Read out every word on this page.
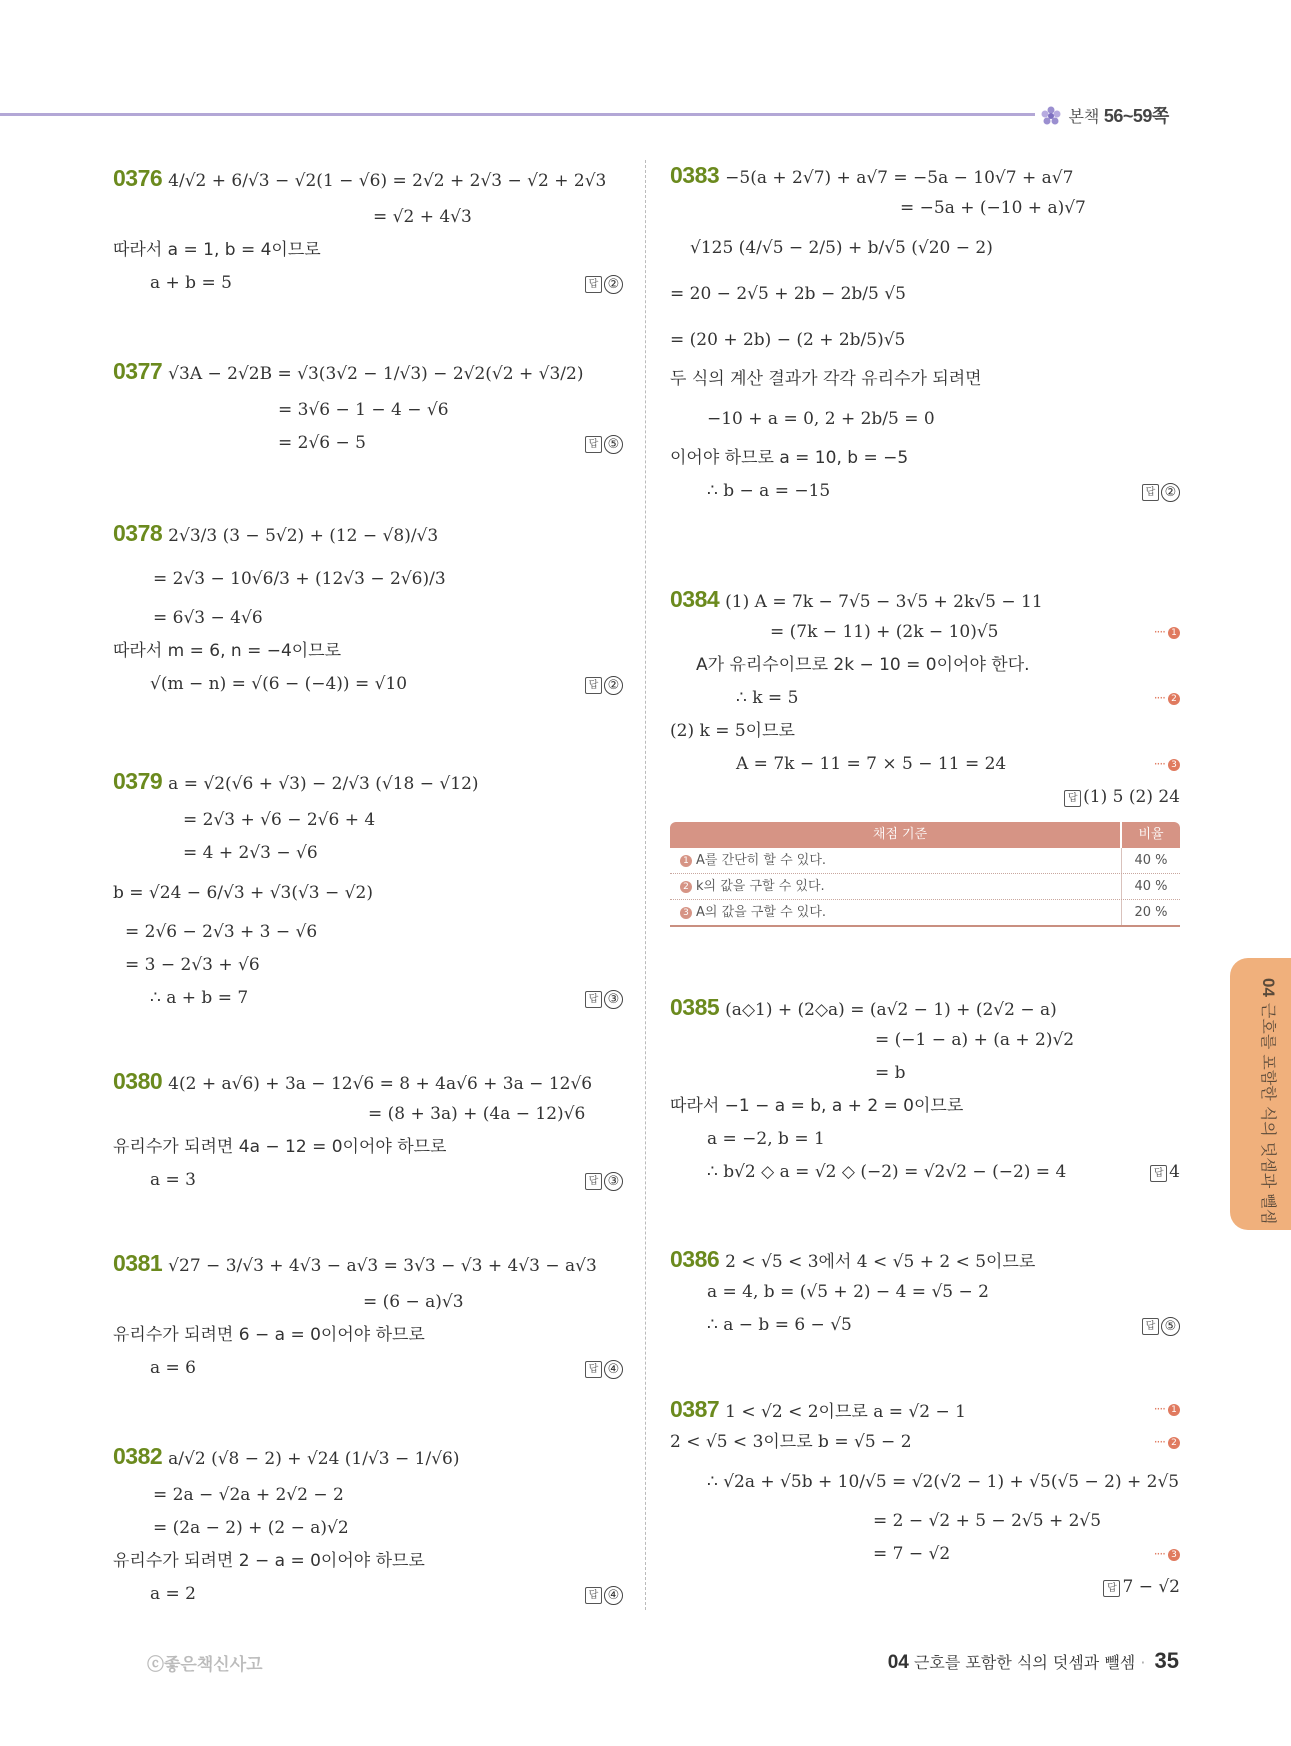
본책 56~59쪽
0376 4/√2 + 6/√3 − √2(1 − √6) = 2√2 + 2√3 − √2 + 2√3
= √2 + 4√3
따라서 a = 1, b = 4이므로
a + b = 5	답 ②
0377 √3A − 2√2B = √3(3√2 − 1/√3) − 2√2(√2 + √3/2)
= 3√6 − 1 − 4 − √6
= 2√6 − 5	답 ⑤
0378 2√3/3 (3 − 5√2) + (12 − √8)/√3
= 2√3 − 10√6/3 + (12√3 − 2√6)/3
= 6√3 − 4√6
따라서 m = 6, n = −4이므로
√(m − n) = √(6 − (−4)) = √10	답 ②
0379 a = √2(√6 + √3) − 2/√3 (√18 − √12)
= 2√3 + √6 − 2√6 + 4
= 4 + 2√3 − √6
b = √24 − 6/√3 + √3(√3 − √2)
= 2√6 − 2√3 + 3 − √6
= 3 − 2√3 + √6
∴ a + b = 7	답 ③
0380 4(2 + a√6) + 3a − 12√6 = 8 + 4a√6 + 3a − 12√6
= (8 + 3a) + (4a − 12)√6
유리수가 되려면 4a − 12 = 0이어야 하므로
a = 3	답 ③
0381 √27 − 3/√3 + 4√3 − a√3 = 3√3 − √3 + 4√3 − a√3
= (6 − a)√3
유리수가 되려면 6 − a = 0이어야 하므로
a = 6	답 ④
0382 a/√2 (√8 − 2) + √24 (1/√3 − 1/√6)
= 2a − √2a + 2√2 − 2
= (2a − 2) + (2 − a)√2
유리수가 되려면 2 − a = 0이어야 하므로
a = 2	답 ④
0383 −5(a + 2√7) + a√7 = −5a − 10√7 + a√7
= −5a + (−10 + a)√7
√125 (4/√5 − 2/5) + b/√5 (√20 − 2)
= 20 − 2√5 + 2b − 2b/5 √5
= (20 + 2b) − (2 + 2b/5)√5
두 식의 계산 결과가 각각 유리수가 되려면
−10 + a = 0, 2 + 2b/5 = 0
이어야 하므로 a = 10, b = −5
∴ b − a = −15	답 ②
0384 (1) A = 7k − 7√5 − 3√5 + 2k√5 − 11
= (7k − 11) + (2k − 10)√5	···· 1
A가 유리수이므로 2k − 10 = 0이어야 한다.
∴ k = 5	···· 2
(2) k = 5이므로
A = 7k − 11 = 7 × 5 − 11 = 24	···· 3
답 (1) 5 (2) 24
채점 기준	비율
1 A를 간단히 할 수 있다.	40 %
2 k의 값을 구할 수 있다.	40 %
3 A의 값을 구할 수 있다.	20 %
0385 (a◇1) + (2◇a) = (a√2 − 1) + (2√2 − a)
= (−1 − a) + (a + 2)√2
= b
따라서 −1 − a = b, a + 2 = 0이므로
a = −2, b = 1
∴ b√2 ◇ a = √2 ◇ (−2) = √2√2 − (−2) = 4	답 4
0386 2 < √5 < 3에서 4 < √5 + 2 < 5이므로
a = 4, b = (√5 + 2) − 4 = √5 − 2
∴ a − b = 6 − √5	답 ⑤
0387 1 < √2 < 2이므로 a = √2 − 1	···· 1
2 < √5 < 3이므로 b = √5 − 2	···· 2
∴ √2a + √5b + 10/√5 = √2(√2 − 1) + √5(√5 − 2) + 2√5
= 2 − √2 + 5 − 2√5 + 2√5
= 7 − √2	···· 3
답 7 − √2
04근호를 포함한 식의 덧셈과 뺄셈
ⓒ좋은책신사고	04 근호를 포함한 식의 덧셈과 뺄셈 · 35
